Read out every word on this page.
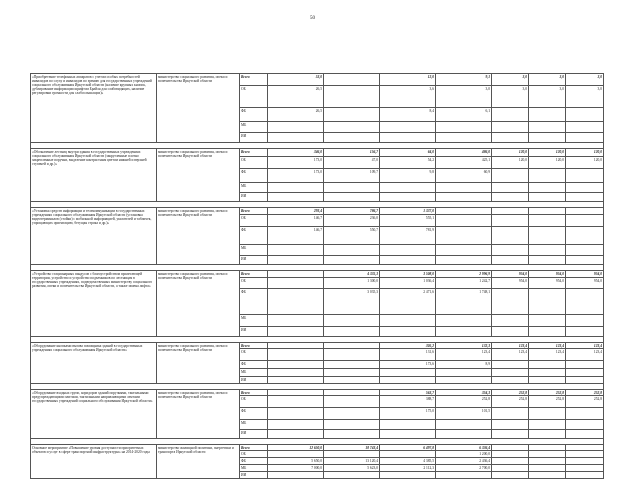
50
«Приобретение телефонных аппаратов с учетом особых потребностей инвалидов по слуху и инвалидов по зрению для государственных учреждений социального обслуживания Иркутской области (наличие крупных кнопок, дублирование информации шрифтом Брайля для слабовидящих, наличие регулировки громкости для слабослышащих)»	министерство социального развития, опеки и попечительства Иркутской области	Всего	53,0		12,0	9,1	3,0	3,0	3,0
		ОБ	26,5		3,6	3,0	3,0	3,0	3,0
		ФБ	26,5		8,4	6,1			
		МБ							
		ИИ							

«Обозначение лестниц внутри здания в государственных учреждениях социального обслуживания Иркутской области (закругленные плотно закрепленные поручни, выделение контрастным цветом нижней и верхней ступеней и др.)»	министерство социального развития, опеки и попечительства Иркутской области	Всего	346,0	156,7	64,0	486,0	120,0	120,0	120,0
		ОБ	173,0	47,0	54,2	425,1	120,0	120,0	120,0
		ФБ	173,0	109,7	9,8	60,9			
		МБ							
		ИИ							

«Установка средств информации и телекоммуникации в государственных учреждениях социального обслуживания Иркутской области (установка видеотерминалов (стойки) с мобильной информацией, указателей и табличек, упрощающих ориентацию, бегущая строка и др.)»	министерство социального развития, опеки и попечительства Иркутской области	Всего	293,4	786,7	1 337,0				
		ОБ	146,7	236,0	555,1				
		ФБ	146,7	550,7	781,9				
		МБ							
		ИИ							

«Устройство стационарных пандусов с благоустройством прилегающей территории, устройство и устройство подъемников по лестницам в государственных учреждениях, подведомственных министерству социального развития, опеки и попечительства Иркутской области, а также замена лифта»	министерство социального развития, опеки и попечительства Иркутской области	Всего		4 335,3	3 508,0	2 996,9	954,0	954,0	954,0
		ОБ		1 300,0	1 036,4	1 242,7	954,0	954,0	954,0
		ФБ		3 035,3	2 471,6	1 748,1			
		МБ							
		ИИ							

«Оборудование кнопками вызова помощника зданий в государственных учреждениях социального обслуживания Иркутской области»	министерство социального развития, опеки и попечительства Иркутской области	Всего			305,2	132,3	123,4	123,4	123,4
		ОБ			131,6	123,4	123,4	123,4	123,4
		ФБ			173,6	8,9			
		МБ							
		ИИ							

«Оборудование входных групп, коридоров зданий поручнями, тактильными предупреждающими плитами, тактильными направляющими лентами государственных учреждений социального обслуживания Иркутской области»	министерство социального развития, опеки и попечительства Иркутской области	Всего			563,7	354,3	252,8	252,8	252,8
		ОБ			388,7	252,8	252,8	252,8	252,8
		ФБ			175,0	101,5			
		МБ							
		ИИ							

Основное мероприятие «Повышение уровня доступности приоритетных объектов и услуг в сфере транспортной инфраструктуры» на 2014-2020 годы	министерство жилищной политики, энергетики и транспорта Иркутской области	Всего	12 650,0	18 743,4	6 497,8	6 336,4			
		ОБ				1 200,0			
		ФБ	5 650,0	13 120,4	4 385,5	2 436,4			
		МБ	7 000,0	5 623,0	2 112,3	2 700,0			
		ИИ							
